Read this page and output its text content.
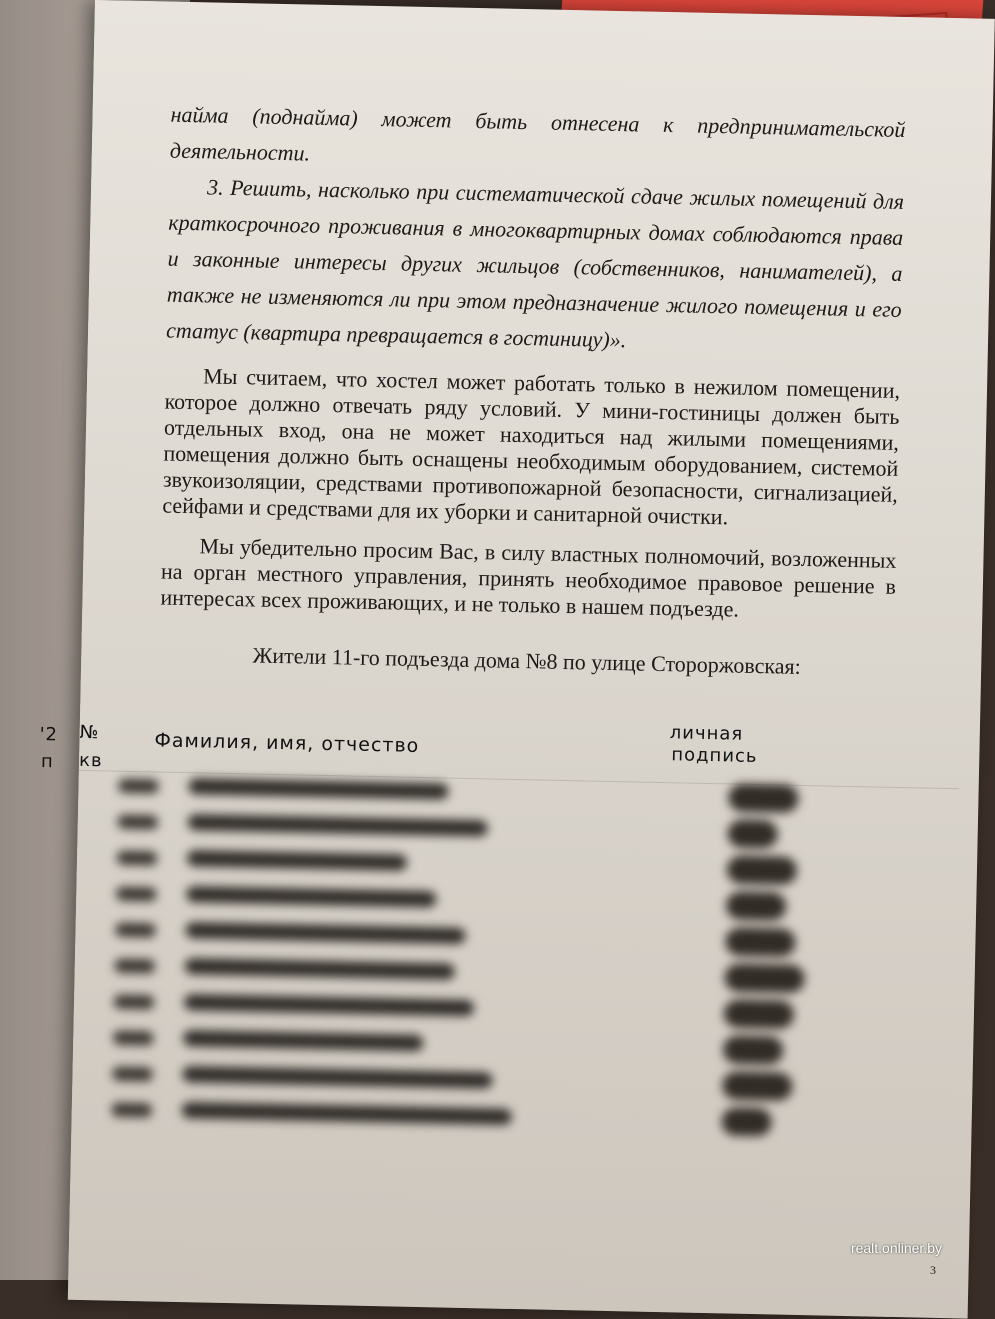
найма (поднайма) может быть отнесена к предпринимательской деятельности.

3. Решить, насколько при систематической сдаче жилых помещений для краткосрочного проживания в многоквартирных домах соблюдаются права и законные интересы других жильцов (собственников, нанимателей), а также не изменяются ли при этом предназначение жилого помещения и его статус (квартира превращается в гостиницу)».

Мы считаем, что хостел может работать только в нежилом помещении, которое должно отвечать ряду условий. У мини-гостиницы должен быть отдельных вход, она не может находиться над жилыми помещениями, помещения должно быть оснащены необходимым оборудованием, системой звукоизоляции, средствами противопожарной безопасности, сигнализацией, сейфами и средствами для их уборки и санитарной очистки.

Мы убедительно просим Вас, в силу властных полномочий, возложенных на орган местного управления, принять необходимое правовое решение в интересах всех проживающих, и не только в нашем подъезде.

Жители 11-го подъезда дома №8 по улице Стороржовская:
'2 №
п кв
Фамилия, имя, отчество	личная
подпись
realt.onliner.by
3
